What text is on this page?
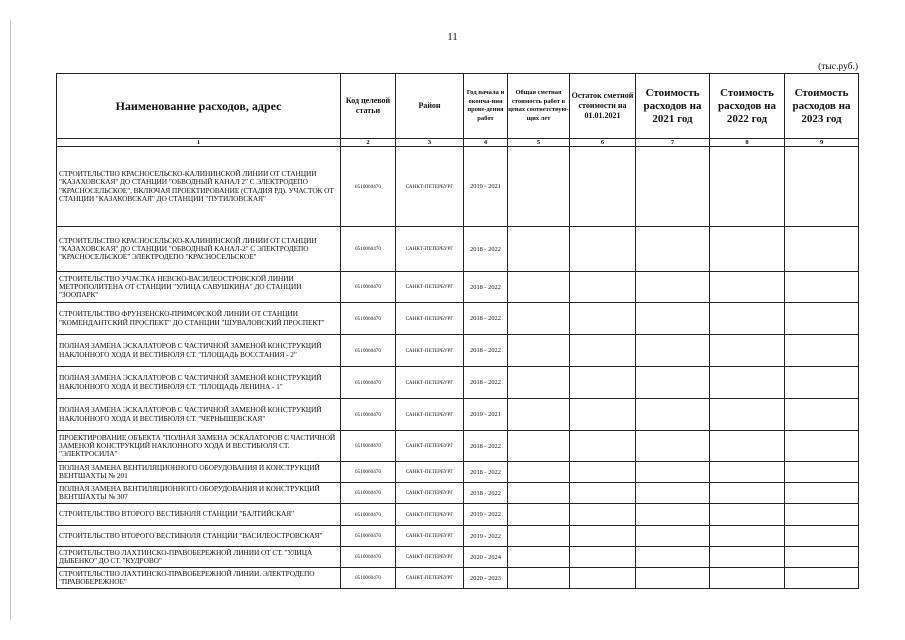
11
(тыс.руб.)
Наименование расходов, адрес	Код целевой статьи	Район	Год начала и оконча-ния прове-дения работ	Общая сметная стоимость работ в ценах соответствую-щих лет	Остаток сметной стоимости на 01.01.2021	Стоимость расходов на 2021 год	Стоимость расходов на 2022 год	Стоимость расходов на 2023 год
1	2	3	4	5	6	7	8	9
СТРОИТЕЛЬСТВО КРАСНОСЕЛЬСКО-КАЛИНИНСКОЙ ЛИНИИ ОТ СТАНЦИИ "КАЗАХОВСКАЯ" ДО СТАНЦИИ "ОБВОДНЫЙ КАНАЛ 2" С ЭЛЕКТРОДЕПО "КРАСНОСЕЛЬСКОЕ", ВКЛЮЧАЯ ПРОЕКТИРОВАНИЕ (СТАДИЯ РД). УЧАСТОК ОТ СТАНЦИИ "КАЗАКОВСКАЯ" ДО СТАНЦИИ "ПУТИЛОВСКАЯ"	0510060470	САНКТ-ПЕТЕРБУРГ	2019 - 2021					
СТРОИТЕЛЬСТВО КРАСНОСЕЛЬСКО-КАЛИНИНСКОЙ ЛИНИИ ОТ СТАНЦИИ "КАЗАХОВСКАЯ" ДО СТАНЦИИ "ОБВОДНЫЙ КАНАЛ-2" С ЭЛЕКТРОДЕПО "КРАСНОСЕЛЬСКОЕ" ЭЛЕКТРОДЕПО "КРАСНОСЕЛЬСКОЕ"	0510060470	САНКТ-ПЕТЕРБУРГ	2018 - 2022					
СТРОИТЕЛЬСТВО УЧАСТКА НЕВСКО-ВАСИЛЕОСТРОВСКОЙ ЛИНИИ МЕТРОПОЛИТЕНА ОТ СТАНЦИИ "УЛИЦА САВУШКИНА" ДО СТАНЦИИ "ЗООПАРК"	0510060470	САНКТ-ПЕТЕРБУРГ	2018 - 2022					
СТРОИТЕЛЬСТВО ФРУНЗЕНСКО-ПРИМОРСКОЙ ЛИНИИ ОТ СТАНЦИИ "КОМЕНДАНТСКИЙ ПРОСПЕКТ" ДО СТАНЦИИ "ШУВАЛОВСКИЙ ПРОСПЕКТ"	0510060470	САНКТ-ПЕТЕРБУРГ	2018 - 2022					
ПОЛНАЯ ЗАМЕНА ЭСКАЛАТОРОВ С ЧАСТИЧНОЙ ЗАМЕНОЙ КОНСТРУКЦИЙ НАКЛОННОГО ХОДА И ВЕСТИБЮЛЯ СТ. "ПЛОЩАДЬ ВОССТАНИЯ - 2"	0510060470	САНКТ-ПЕТЕРБУРГ	2018 - 2022					
ПОЛНАЯ ЗАМЕНА ЭСКАЛАТОРОВ С ЧАСТИЧНОЙ ЗАМЕНОЙ КОНСТРУКЦИЙ НАКЛОННОГО ХОДА И ВЕСТИБЮЛЯ СТ. "ПЛОЩАДЬ ЛЕНИНА - 1"	0510060470	САНКТ-ПЕТЕРБУРГ	2018 - 2022					
ПОЛНАЯ ЗАМЕНА ЭСКАЛАТОРОВ С ЧАСТИЧНОЙ ЗАМЕНОЙ КОНСТРУКЦИЙ НАКЛОННОГО ХОДА И ВЕСТИБЮЛЯ СТ. "ЧЕРНЫШЕВСКАЯ"	0510060470	САНКТ-ПЕТЕРБУРГ	2019 - 2021					
ПРОЕКТИРОВАНИЕ ОБЪЕКТА "ПОЛНАЯ ЗАМЕНА ЭСКАЛАТОРОВ С ЧАСТИЧНОЙ ЗАМЕНОЙ КОНСТРУКЦИЙ НАКЛОННОГО ХОДА И ВЕСТИБЮЛЯ СТ. "ЭЛЕКТРОСИЛА"	0510060470	САНКТ-ПЕТЕРБУРГ	2018 - 2022					
ПОЛНАЯ ЗАМЕНА ВЕНТИЛЯЦИОННОГО ОБОРУДОВАНИЯ И КОНСТРУКЦИЙ ВЕНТШАХТЫ № 201	0510060470	САНКТ-ПЕТЕРБУРГ	2018 - 2022					
ПОЛНАЯ ЗАМЕНА ВЕНТИЛЯЦИОННОГО ОБОРУДОВАНИЯ И КОНСТРУКЦИЙ ВЕНТШАХТЫ № 307	0510060470	САНКТ-ПЕТЕРБУРГ	2018 - 2022					
СТРОИТЕЛЬСТВО ВТОРОГО ВЕСТИБЮЛЯ СТАНЦИИ "БАЛТИЙСКАЯ"	0510060470	САНКТ-ПЕТЕРБУРГ	2019 - 2022					
СТРОИТЕЛЬСТВО ВТОРОГО ВЕСТИБЮЛЯ СТАНЦИИ "ВАСИЛЕОСТРОВСКАЯ"	0510060470	САНКТ-ПЕТЕРБУРГ	2019 - 2022					
СТРОИТЕЛЬСТВО ЛАХТИНСКО-ПРАВОБЕРЕЖНОЙ ЛИНИИ ОТ СТ. "УЛИЦА ДЫБЕНКО" ДО СТ. "КУДРОВО"	0510060470	САНКТ-ПЕТЕРБУРГ	2020 - 2024					
СТРОИТЕЛЬСТВО ЛАХТИНСКО-ПРАВОБЕРЕЖНОЙ ЛИНИИ. ЭЛЕКТРОДЕПО "ПРАВОБЕРЕЖНОЕ"	0510060470	САНКТ-ПЕТЕРБУРГ	2020 - 2023					
